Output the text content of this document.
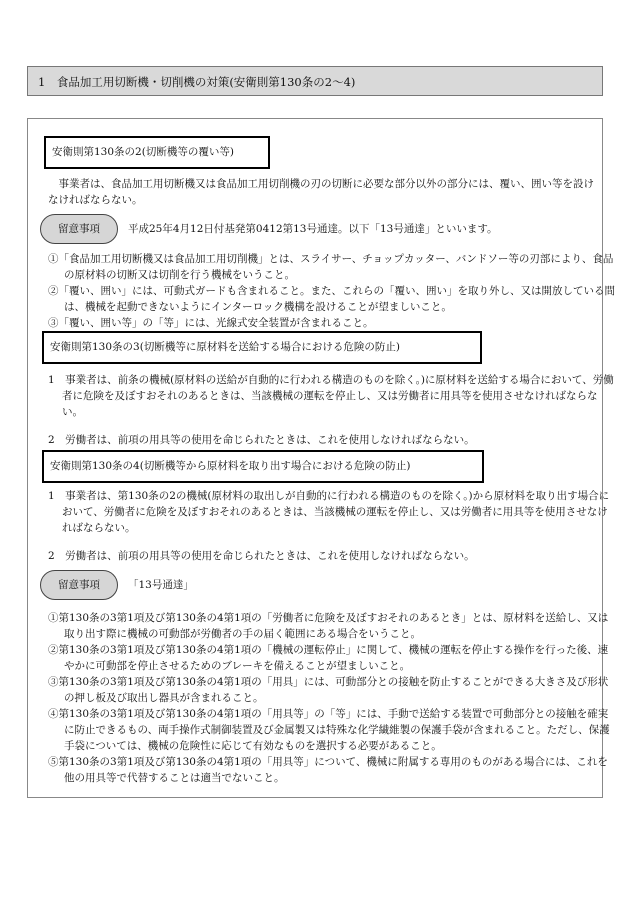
1　食品加工用切断機・切削機の対策(安衛則第130条の2～4)
安衛則第130条の2(切断機等の覆い等)
事業者は、食品加工用切断機又は食品加工用切削機の刃の切断に必要な部分以外の部分には、覆い、囲い等を設けなければならない。
留意事項	平成25年4月12日付基発第0412第13号通達。以下「13号通達」といいます。
①「食品加工用切断機又は食品加工用切削機」とは、スライサー、チョップカッター、バンドソー等の刃部により、食品の原材料の切断又は切削を行う機械をいうこと。
②「覆い、囲い」には、可動式ガードも含まれること。また、これらの「覆い、囲い」を取り外し、又は開放している間は、機械を起動できないようにインターロック機構を設けることが望ましいこと。
③「覆い、囲い等」の「等」には、光線式安全装置が含まれること。
安衛則第130条の3(切断機等に原材料を送給する場合における危険の防止)
1　事業者は、前条の機械(原材料の送給が自動的に行われる構造のものを除く。)に原材料を送給する場合において、労働者に危険を及ぼすおそれのあるときは、当該機械の運転を停止し、又は労働者に用具等を使用させなければならない。
2　労働者は、前項の用具等の使用を命じられたときは、これを使用しなければならない。
安衛則第130条の4(切断機等から原材料を取り出す場合における危険の防止)
1　事業者は、第130条の2の機械(原材料の取出しが自動的に行われる構造のものを除く。)から原材料を取り出す場合において、労働者に危険を及ぼすおそれのあるときは、当該機械の運転を停止し、又は労働者に用具等を使用させなければならない。
2　労働者は、前項の用具等の使用を命じられたときは、これを使用しなければならない。
留意事項	「13号通達」
①第130条の3第1項及び第130条の4第1項の「労働者に危険を及ぼすおそれのあるとき」とは、原材料を送給し、又は取り出す際に機械の可動部が労働者の手の届く範囲にある場合をいうこと。
②第130条の3第1項及び第130条の4第1項の「機械の運転停止」に関して、機械の運転を停止する操作を行った後、速やかに可動部を停止させるためのブレーキを備えることが望ましいこと。
③第130条の3第1項及び第130条の4第1項の「用具」には、可動部分との接触を防止することができる大きさ及び形状の押し板及び取出し器具が含まれること。
④第130条の3第1項及び第130条の4第1項の「用具等」の「等」には、手動で送給する装置で可動部分との接触を確実に防止できるもの、両手操作式制御装置及び金属製又は特殊な化学繊維製の保護手袋が含まれること。ただし、保護手袋については、機械の危険性に応じて有効なものを選択する必要があること。
⑤第130条の3第1項及び第130条の4第1項の「用具等」について、機械に附属する専用のものがある場合には、これを他の用具等で代替することは適当でないこと。
